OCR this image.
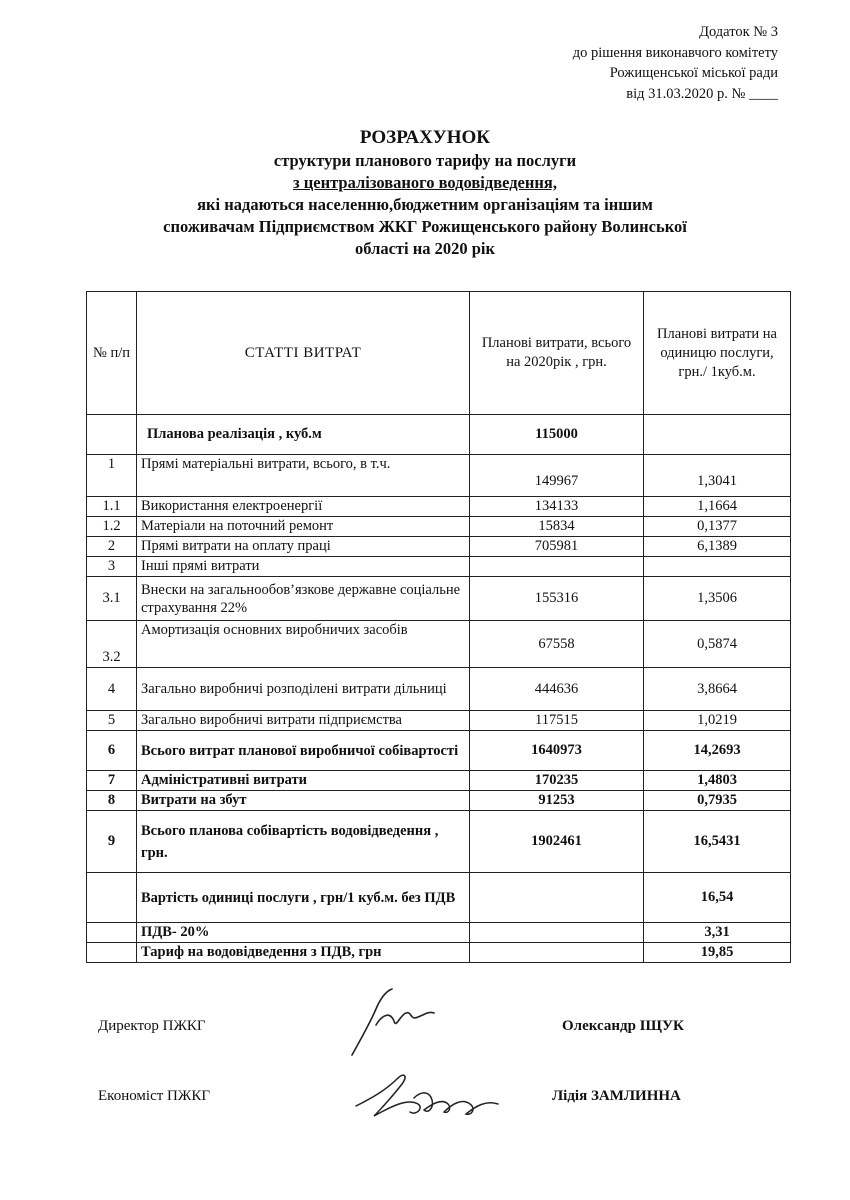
Додаток № 3
до рішення виконавчого комітету
Рожищенської міської ради
від 31.03.2020 р. № ____
РОЗРАХУНОК
структури планового тарифу на послуги
з централізованого водовідведення,
які надаються населенню,бюджетним організаціям та іншим
споживачам Підприємством ЖКГ Рожищенського району Волинської
області на 2020 рік
№ п/п	СТАТТІ ВИТРАТ	Планові витрати, всього на 2020рік , грн.	Планові витрати на одиницю послуги, грн./ 1куб.м.
	Планова реалізація , куб.м	115000	
1	Прямі матеріальні витрати, всього, в т.ч.	149967	1,3041
1.1	Використання електроенергії	134133	1,1664
1.2	Матеріали на поточний ремонт	15834	0,1377
2	Прямі витрати на оплату праці	705981	6,1389
3	Інші прямі витрати		
3.1	Внески на загальнообов’язкове державне соціальне страхування 22%	155316	1,3506
3.2	Амортизація основних виробничих засобів	67558	0,5874
4	Загально виробничі розподілені витрати дільниці	444636	3,8664
5	Загально виробничі витрати підприємства	117515	1,0219
6	Всього витрат планової виробничої собівартості	1640973	14,2693
7	Адміністративні витрати	170235	1,4803
8	Витрати на збут	91253	0,7935
9	Всього планова собівартість водовідведення , грн.	1902461	16,5431
	Вартість одиниці послуги , грн/1 куб.м. без ПДВ		16,54
	ПДВ- 20%		3,31
	Тариф на водовідведення з ПДВ, грн		19,85
Директор ПЖКГ	Олександр ІЩУК
Економіст ПЖКГ	Лідія ЗАМЛИННА
